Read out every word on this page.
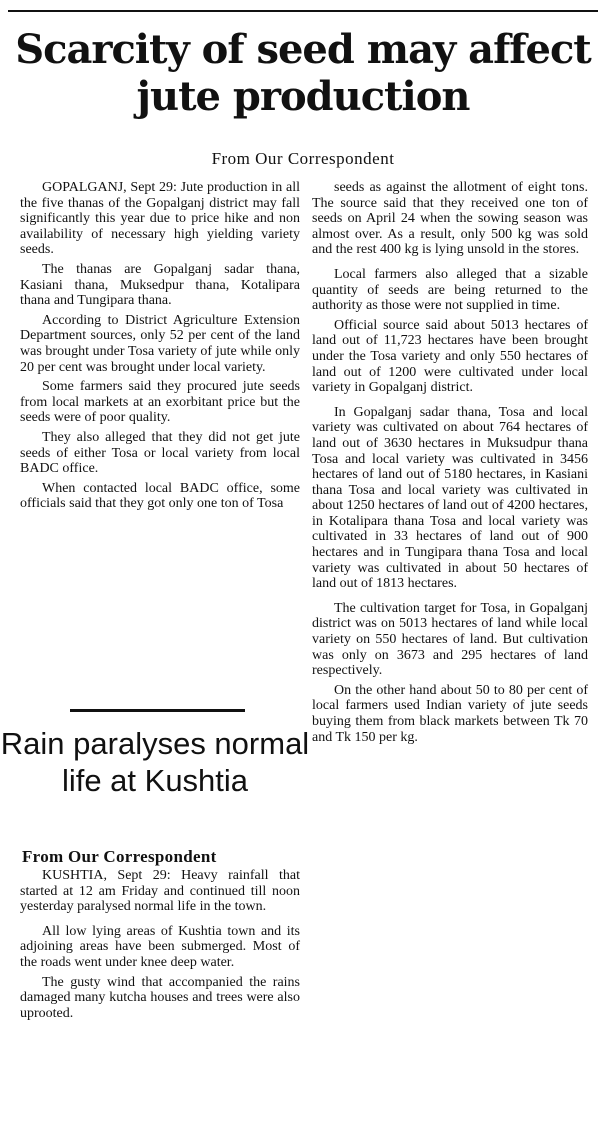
Scarcity of seed may affect jute production
From Our Correspondent

GOPALGANJ, Sept 29: Jute production in all the five thanas of the Gopalganj district may fall significantly this year due to price hike and non availability of necessary high yielding variety seeds.

The thanas are Gopalganj sadar thana, Kasiani thana, Muksedpur thana, Kotalipara thana and Tungipara thana.

According to District Agriculture Extension Department sources, only 52 per cent of the land was brought under Tosa variety of jute while only 20 per cent was brought under local variety.

Some farmers said they procured jute seeds from local markets at an exorbitant price but the seeds were of poor quality.

They also alleged that they did not get jute seeds of either Tosa or local variety from local BADC office.

When contacted local BADC office, some officials said that they got only one ton of Tosa

seeds as against the allotment of eight tons. The source said that they received one ton of seeds on April 24 when the sowing season was almost over. As a result, only 500 kg was sold and the rest 400 kg is lying unsold in the stores.

Local farmers also alleged that a sizable quantity of seeds are being returned to the authority as those were not supplied in time.

Official source said about 5013 hectares of land out of 11,723 hectares have been brought under the Tosa variety and only 550 hectares of land out of 1200 were cultivated under local variety in Gopalganj district.

In Gopalganj sadar thana, Tosa and local variety was cultivated on about 764 hectares of land out of 3630 hectares in Muksudpur thana Tosa and local variety was cultivated in 3456 hectares of land out of 5180 hectares, in Kasiani thana Tosa and local variety was cultivated in about 1250 hectares of land out of 4200 hectares, in Kotalipara thana Tosa and local variety was cultivated in 33 hectares of land out of 900 hectares and in Tungipara thana Tosa and local variety was cultivated in about 50 hectares of land out of 1813 hectares.

The cultivation target for Tosa, in Gopalganj district was on 5013 hectares of land while local variety on 550 hectares of land. But cultivation was only on 3673 and 295 hectares of land respectively.

On the other hand about 50 to 80 per cent of local farmers used Indian variety of jute seeds buying them from black markets between Tk 70 and Tk 150 per kg.

Rain paralyses normal life at Kushtia
From Our Correspondent

KUSHTIA, Sept 29: Heavy rainfall that started at 12 am Friday and continued till noon yesterday paralysed normal life in the town.

All low lying areas of Kushtia town and its adjoining areas have been submerged. Most of the roads went under knee deep water.

The gusty wind that accompanied the rains damaged many kutcha houses and trees were also uprooted.
